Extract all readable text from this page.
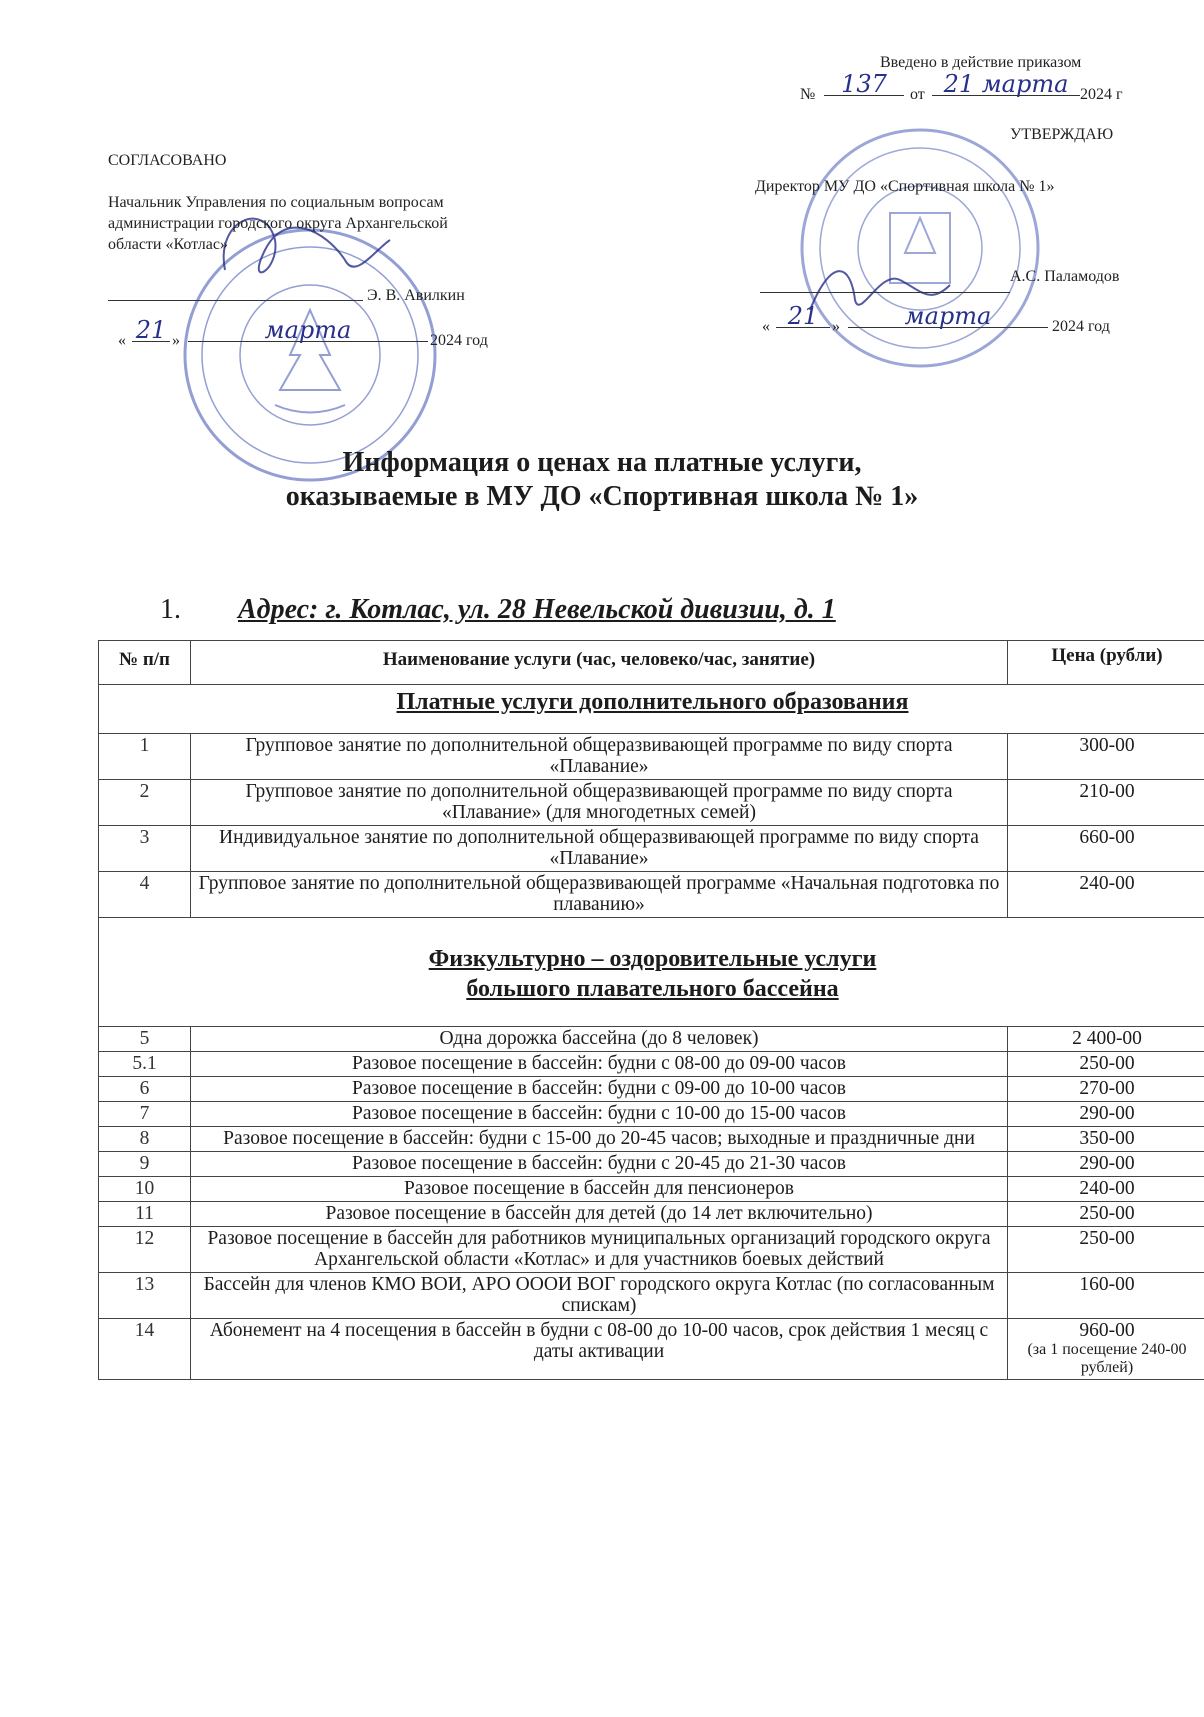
Введено в действие приказом
№	137	от 21 марта 2024 г
СОГЛАСОВАНО
Начальник Управления по социальным вопросам
администрации городского округа Архангельской
области «Котлас»
Э. В. Авилкин
« 21 »	марта	2024 год
УТВЕРЖДАЮ
Директор МУ ДО «Спортивная школа № 1»
А.С. Паламодов
« 21 »	марта	2024 год
Информация о ценах на платные услуги,
оказываемые в МУ ДО «Спортивная школа № 1»
1. Адрес: г. Котлас, ул. 28 Невельской дивизии, д. 1
№ п/п	Наименование услуги (час, человеко/час, занятие)	Цена (рубли)
Платные услуги дополнительного образования		
1	Групповое занятие по дополнительной общеразвивающей программе по виду спорта «Плавание»	300-00
2	Групповое занятие по дополнительной общеразвивающей программе по виду спорта «Плавание» (для многодетных семей)	210-00
3	Индивидуальное занятие по дополнительной общеразвивающей программе по виду спорта «Плавание»	660-00
4	Групповое занятие по дополнительной общеразвивающей программе «Начальная подготовка по плаванию»	240-00
Физкультурно – оздоровительные услуги
большого плавательного бассейна		
5	Одна дорожка бассейна (до 8 человек)	2 400-00
5.1	Разовое посещение в бассейн: будни с 08-00 до 09-00 часов	250-00
6	Разовое посещение в бассейн: будни с 09-00 до 10-00 часов	270-00
7	Разовое посещение в бассейн: будни с 10-00 до 15-00 часов	290-00
8	Разовое посещение в бассейн: будни с 15-00 до 20-45 часов; выходные и праздничные дни	350-00
9	Разовое посещение в бассейн: будни с 20-45 до 21-30 часов	290-00
10	Разовое посещение в бассейн для пенсионеров	240-00
11	Разовое посещение в бассейн для детей (до 14 лет включительно)	250-00
12	Разовое посещение в бассейн для работников муниципальных организаций городского округа Архангельской области «Котлас» и для участников боевых действий	250-00
13	Бассейн для членов КМО ВОИ, АРО ОООИ ВОГ городского округа Котлас (по согласованным спискам)	160-00
14	Абонемент на 4 посещения в бассейн в будни с 08-00 до 10-00 часов, срок действия 1 месяц с даты активации	960-00
(за 1 посещение 240-00 рублей)
